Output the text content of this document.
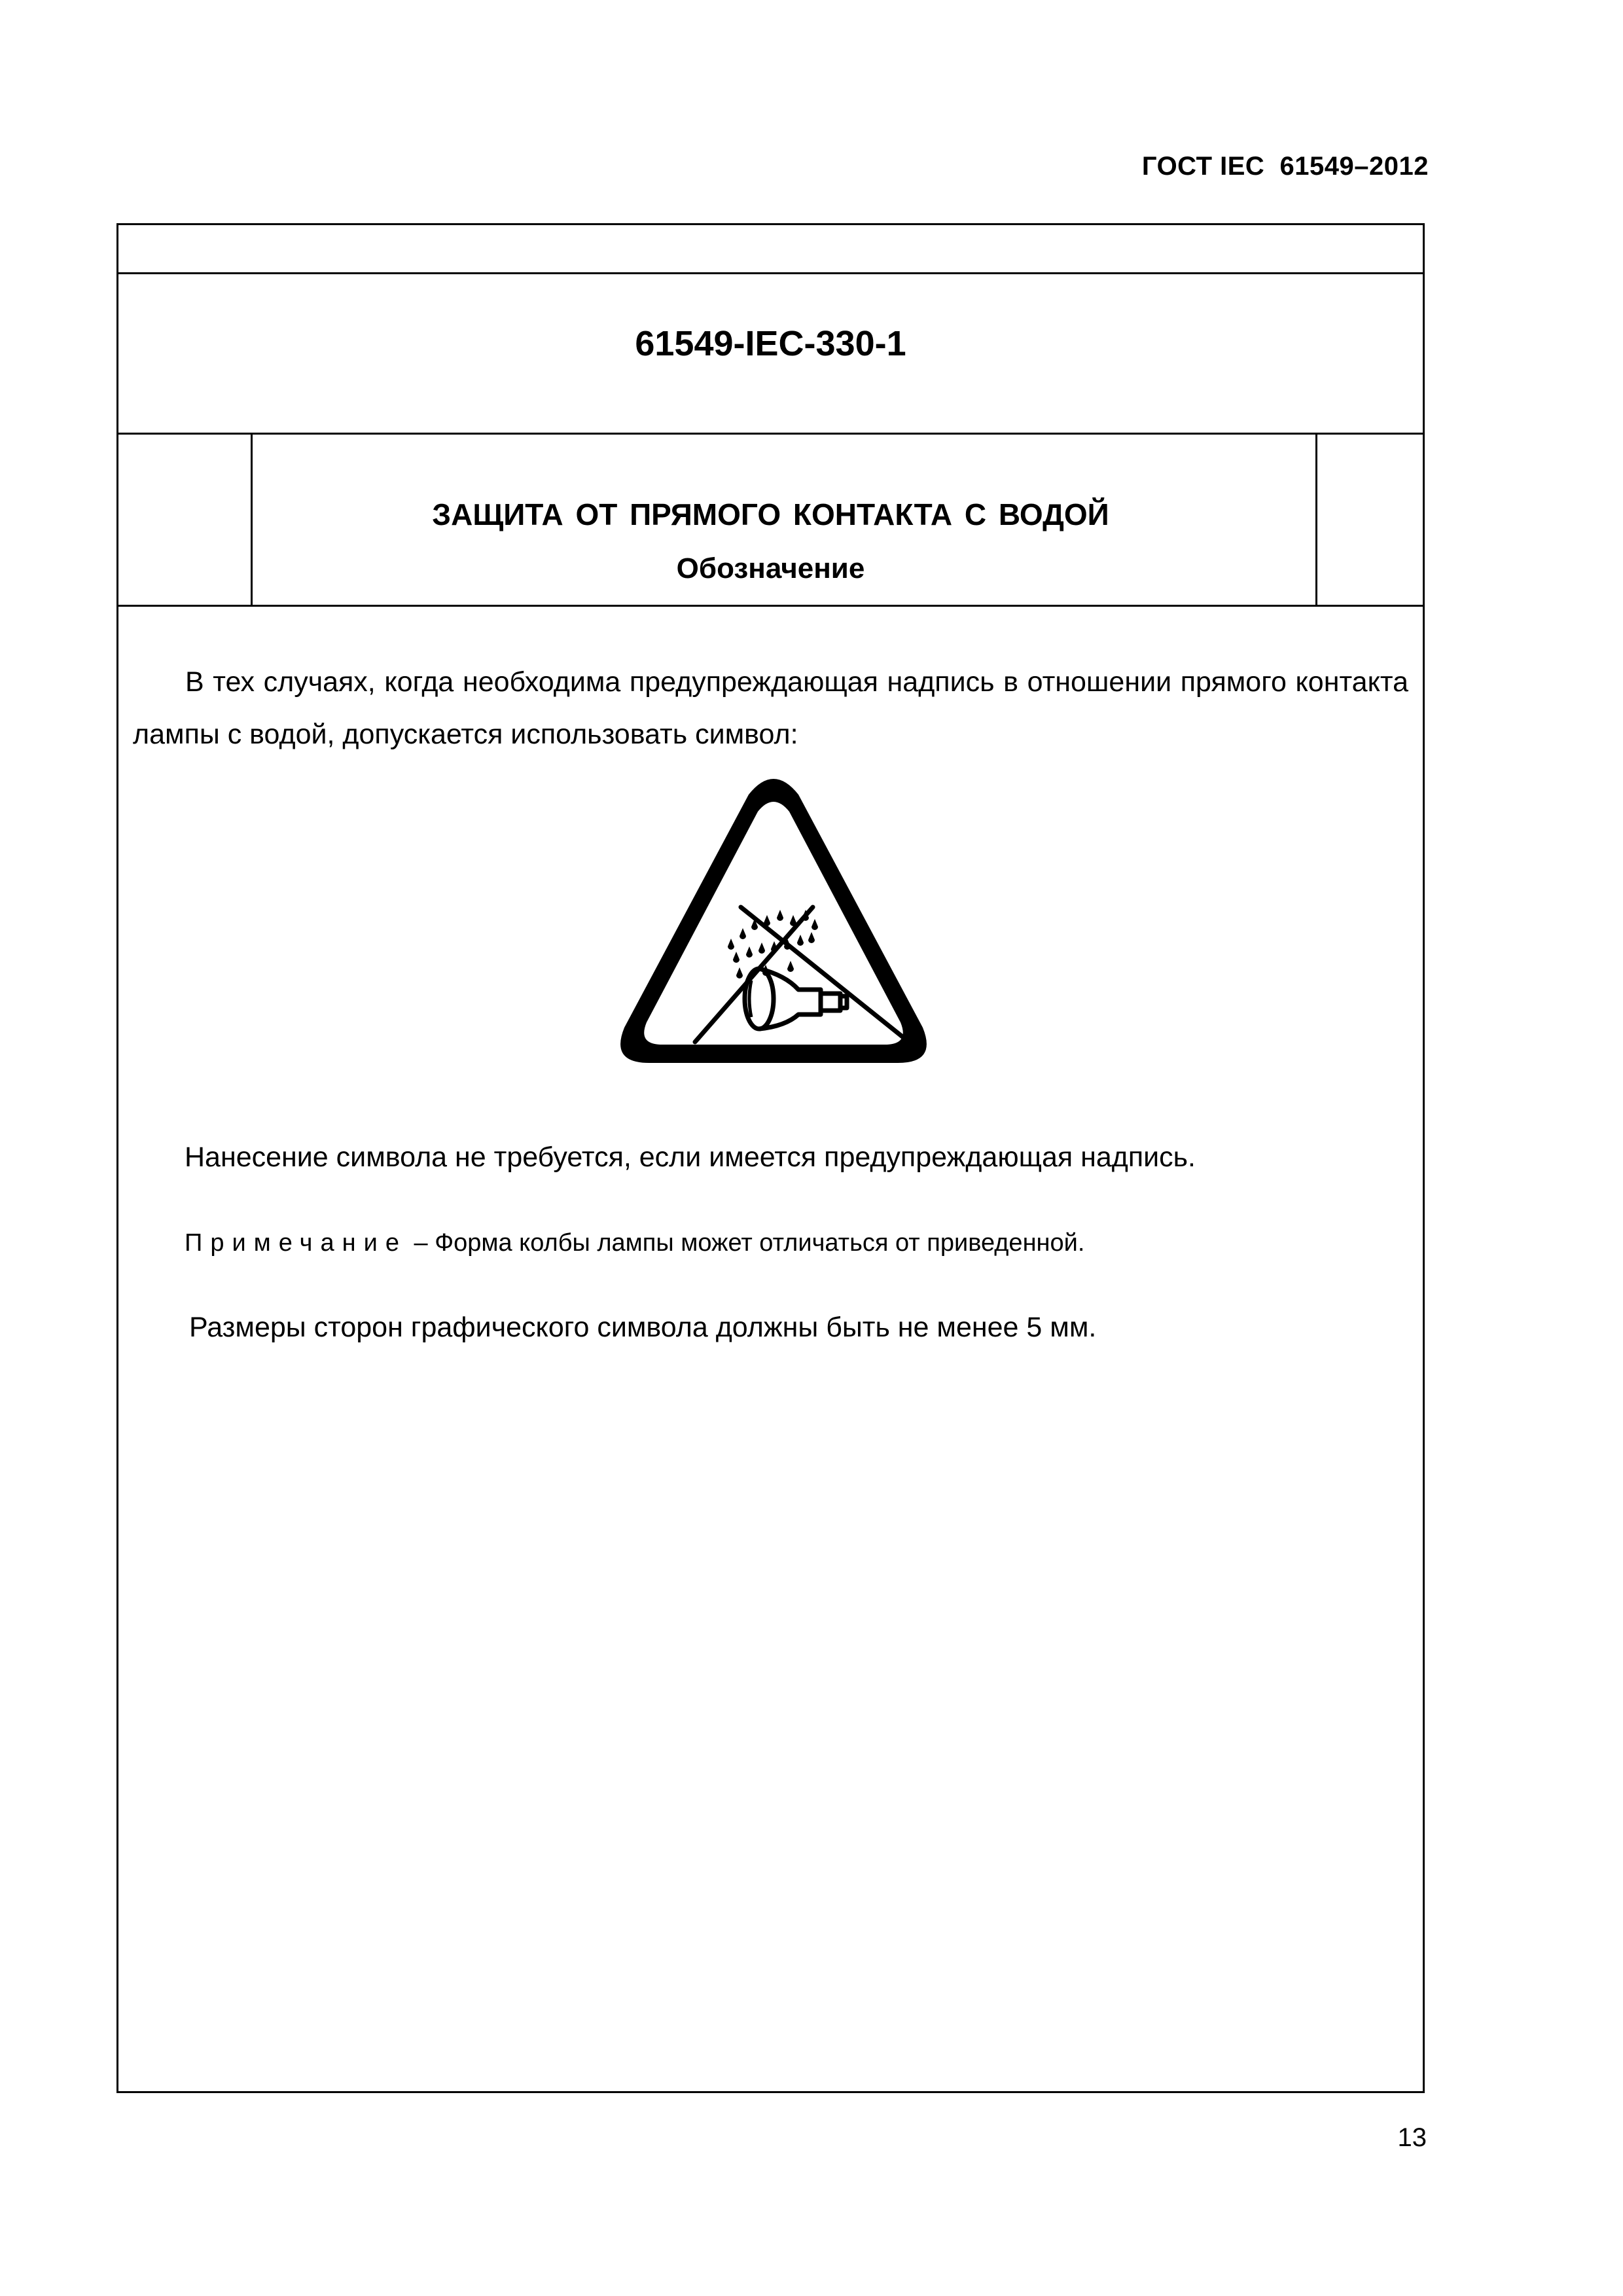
ГОСТ IEC  61549–2012
61549-IEC-330-1
ЗАЩИТА ОТ ПРЯМОГО КОНТАКТА С ВОДОЙ
Обозначение

В тех случаях, когда необходима предупреждающая надпись в отношении прямого контакта лампы с водой, допускается использовать символ:

Нанесение символа не требуется, если имеется предупреждающая надпись.
Примечание – Форма колбы лампы может отличаться от приведенной.
Размеры сторон графического символа должны быть не менее 5 мм.
13
